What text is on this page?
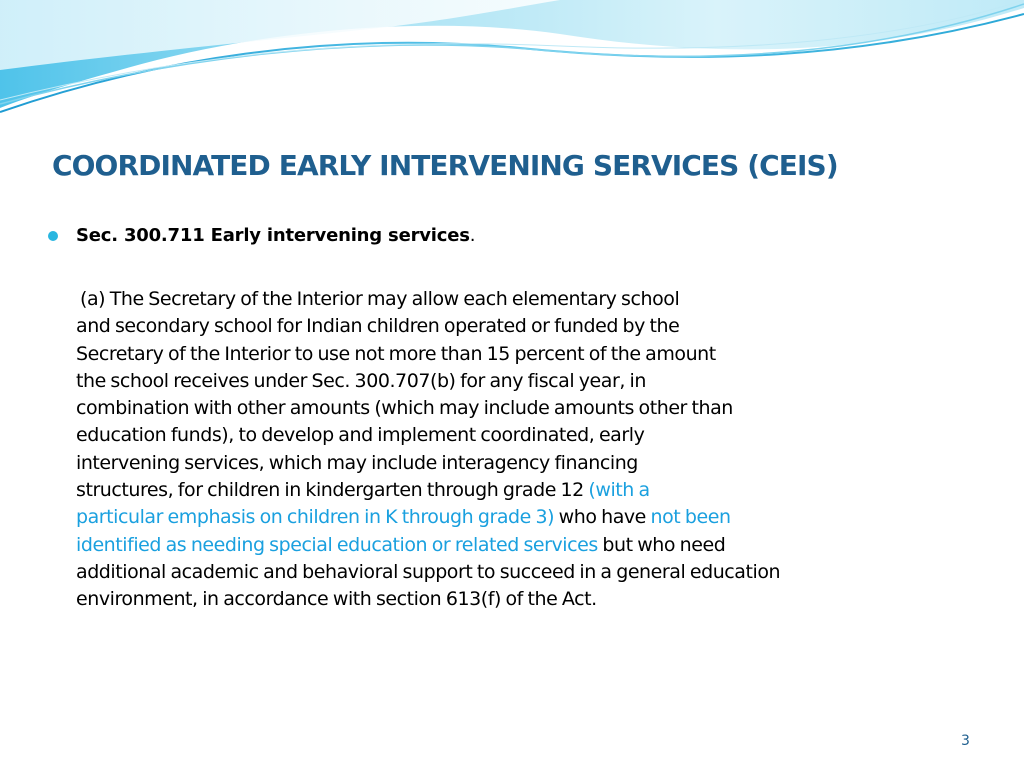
COORDINATED EARLY INTERVENING SERVICES (CEIS)
Sec. 300.711 Early intervening services.
(a) The Secretary of the Interior may allow each elementary school
and secondary school for Indian children operated or funded by the
Secretary of the Interior to use not more than 15 percent of the amount
the school receives under Sec. 300.707(b) for any fiscal year, in
combination with other amounts (which may include amounts other than
education funds), to develop and implement coordinated, early
intervening services, which may include interagency financing
structures, for children in kindergarten through grade 12 (with a
particular emphasis on children in K through grade 3) who have not been
identified as needing special education or related services but who need
additional academic and behavioral support to succeed in a general education
environment, in accordance with section 613(f) of the Act.
3
